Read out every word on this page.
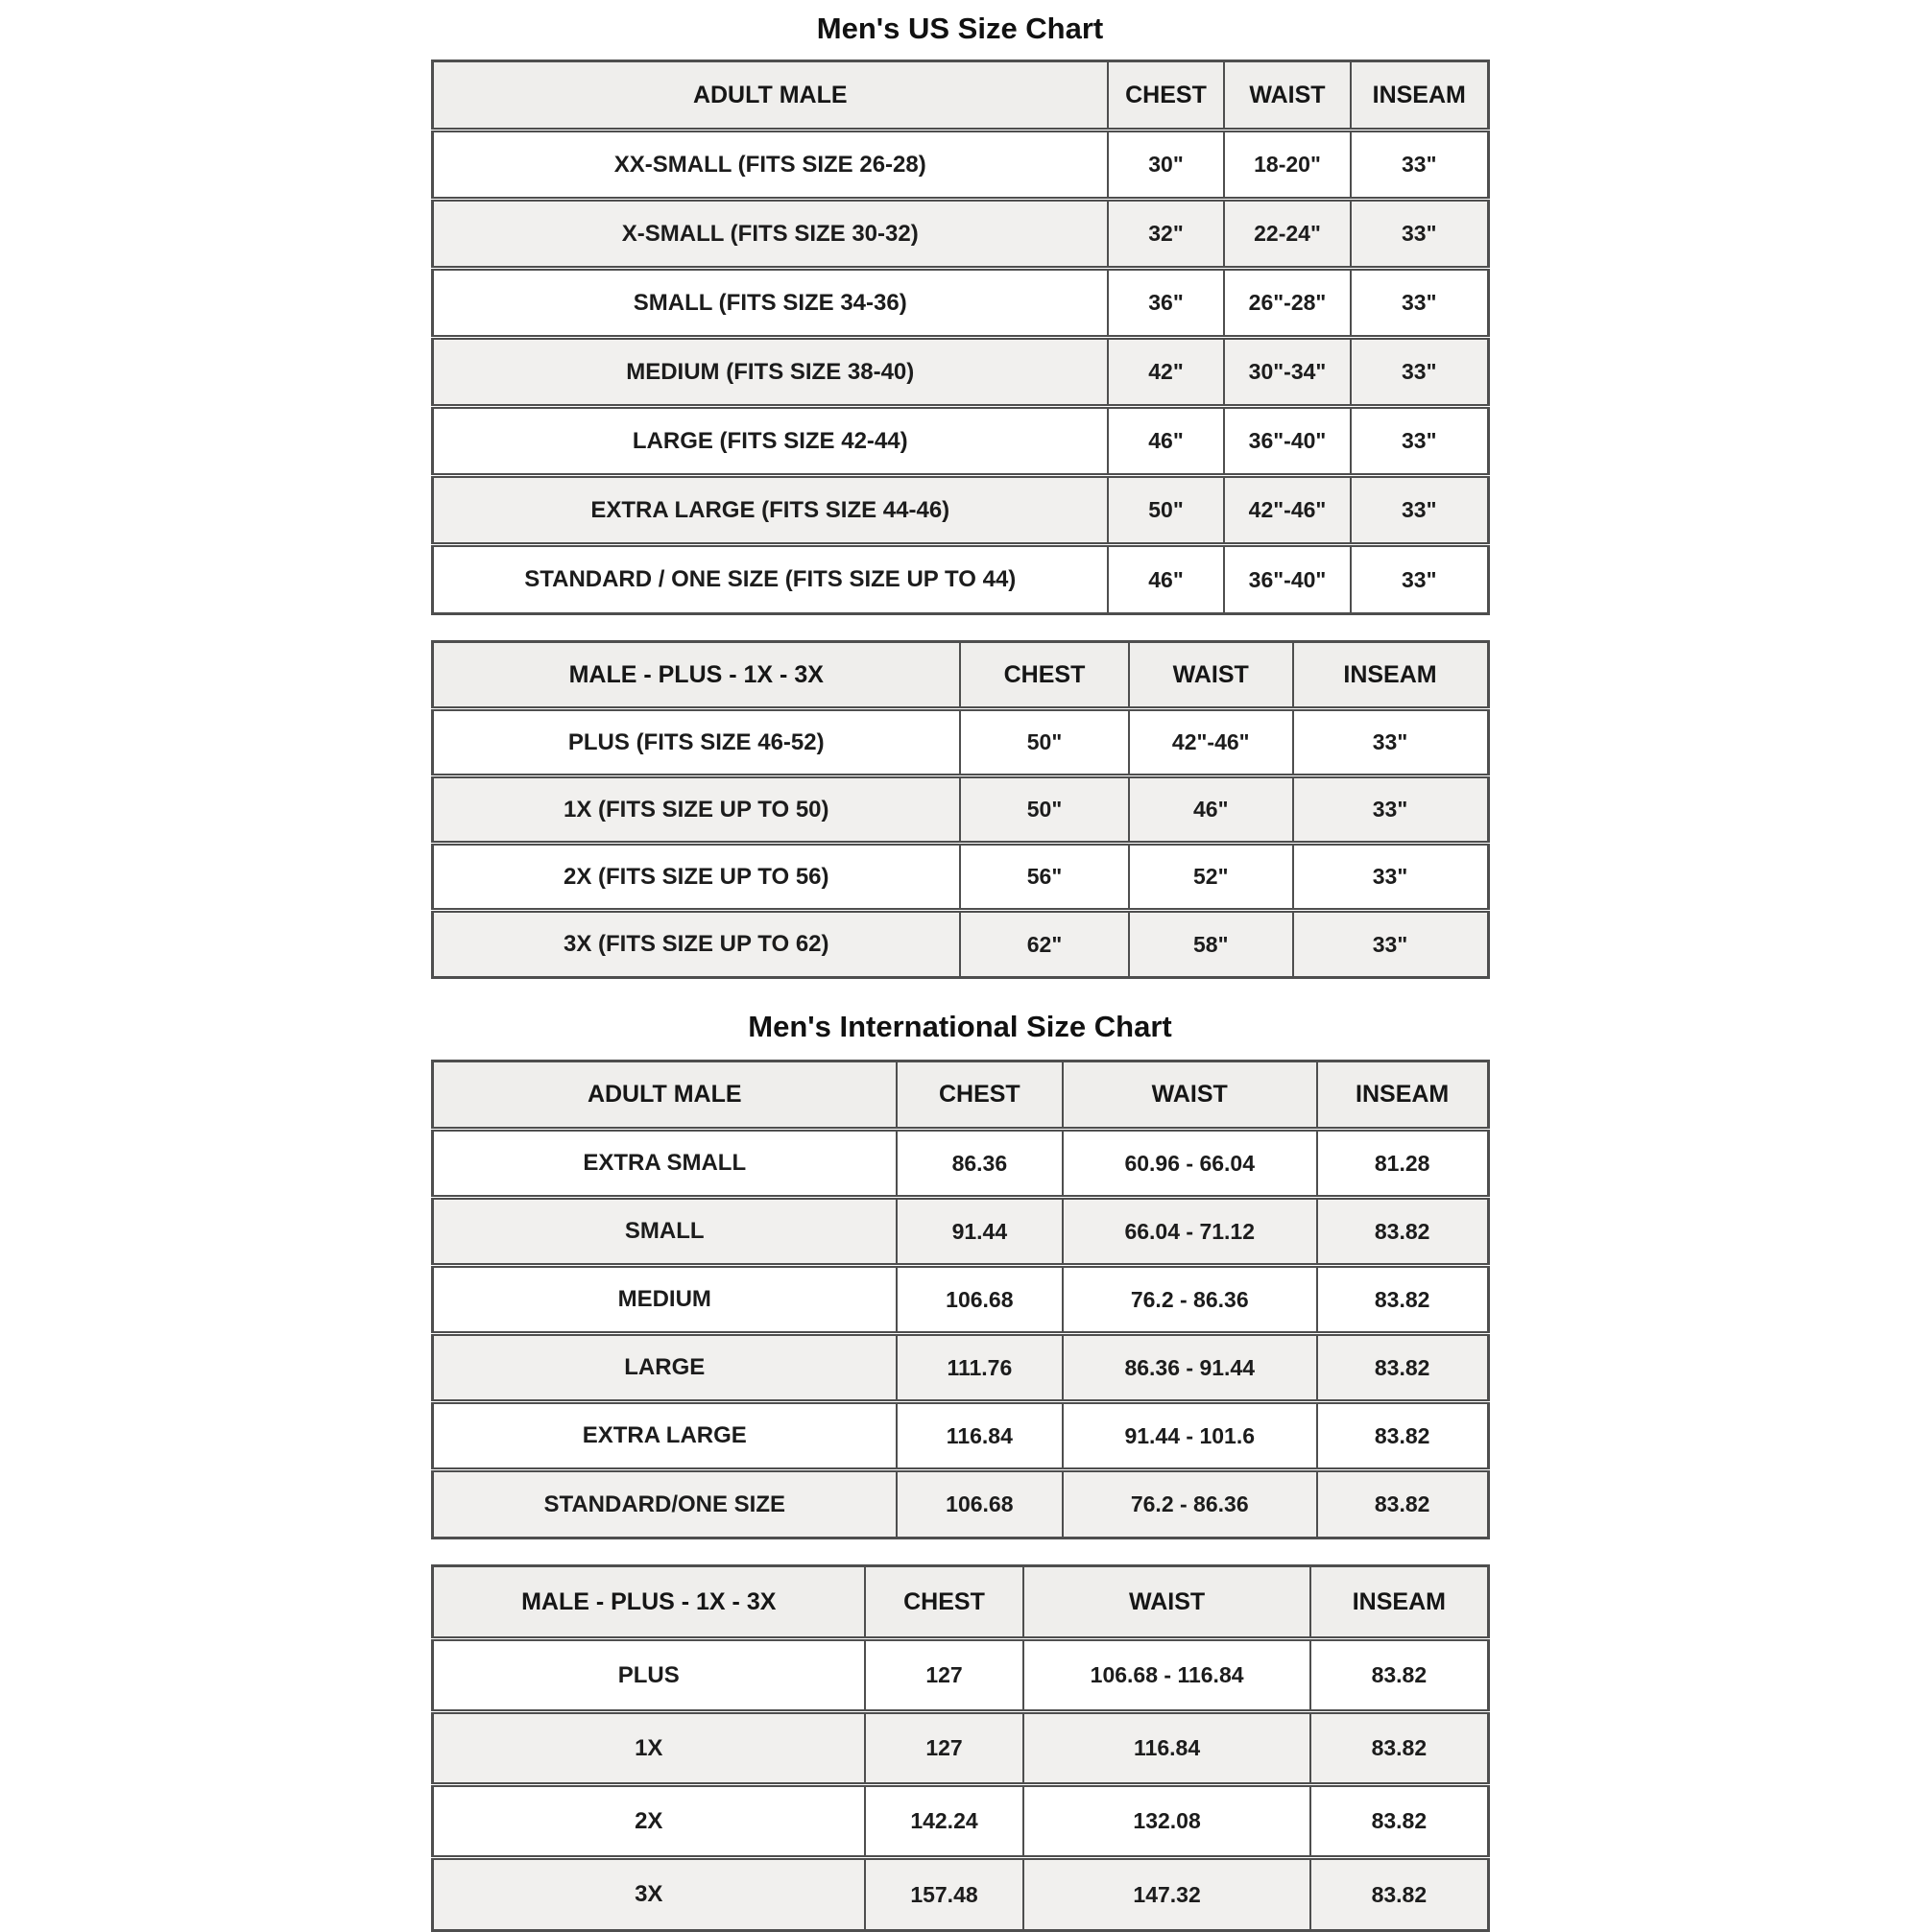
Men's US Size Chart
ADULT MALE	CHEST	WAIST	INSEAM
XX-SMALL (FITS SIZE 26-28)	30"	18-20"	33"
X-SMALL (FITS SIZE 30-32)	32"	22-24"	33"
SMALL (FITS SIZE 34-36)	36"	26"-28"	33"
MEDIUM (FITS SIZE 38-40)	42"	30"-34"	33"
LARGE (FITS SIZE 42-44)	46"	36"-40"	33"
EXTRA LARGE (FITS SIZE 44-46)	50"	42"-46"	33"
STANDARD / ONE SIZE (FITS SIZE UP TO 44)	46"	36"-40"	33"
MALE - PLUS - 1X - 3X	CHEST	WAIST	INSEAM
PLUS (FITS SIZE 46-52)	50"	42"-46"	33"
1X (FITS SIZE UP TO 50)	50"	46"	33"
2X (FITS SIZE UP TO 56)	56"	52"	33"
3X (FITS SIZE UP TO 62)	62"	58"	33"
Men's International Size Chart
ADULT MALE	CHEST	WAIST	INSEAM
EXTRA SMALL	86.36	60.96 - 66.04	81.28
SMALL	91.44	66.04 - 71.12	83.82
MEDIUM	106.68	76.2 - 86.36	83.82
LARGE	111.76	86.36 - 91.44	83.82
EXTRA LARGE	116.84	91.44 - 101.6	83.82
STANDARD/ONE SIZE	106.68	76.2 - 86.36	83.82
MALE - PLUS - 1X - 3X	CHEST	WAIST	INSEAM
PLUS	127	106.68 - 116.84	83.82
1X	127	116.84	83.82
2X	142.24	132.08	83.82
3X	157.48	147.32	83.82
